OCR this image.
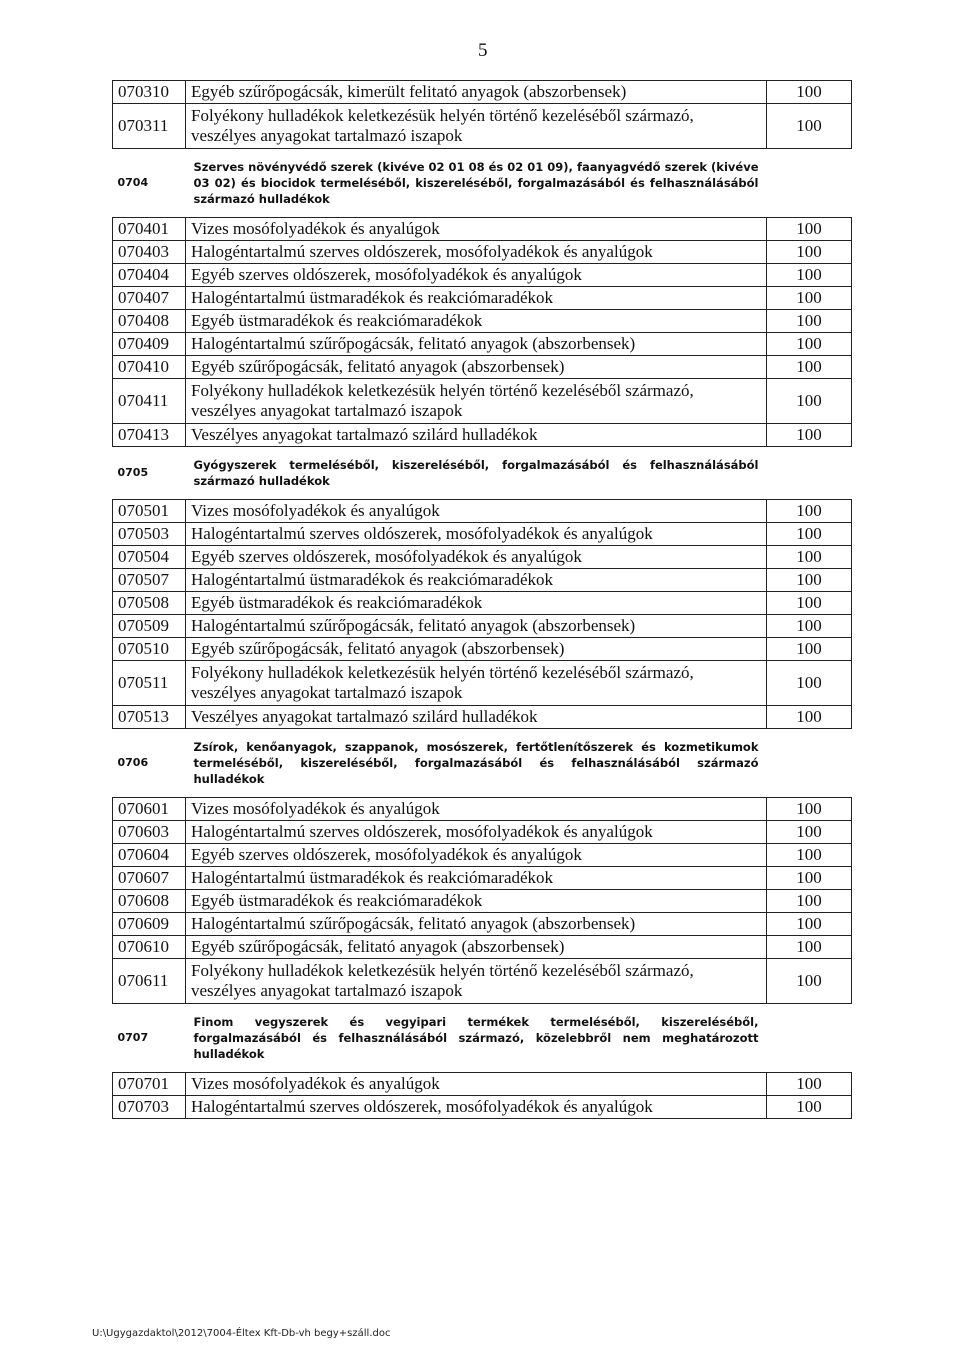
5
070310	Egyéb szűrőpogácsák, kimerült felitató anyagok (abszorbensek)	100
070311	Folyékony hulladékok keletkezésük helyén történő kezeléséből származó, veszélyes anyagokat tartalmazó iszapok	100
0704	Szerves növényvédő szerek (kivéve 02 01 08 és 02 01 09), faanyagvédő szerek (kivéve 03 02) és biocidok termeléséből, kiszereléséből, forgalmazásából és felhasználásából származó hulladékok	
070401	Vizes mosófolyadékok és anyalúgok	100
070403	Halogéntartalmú szerves oldószerek, mosófolyadékok és anyalúgok	100
070404	Egyéb szerves oldószerek, mosófolyadékok és anyalúgok	100
070407	Halogéntartalmú üstmaradékok és reakciómaradékok	100
070408	Egyéb üstmaradékok és reakciómaradékok	100
070409	Halogéntartalmú szűrőpogácsák, felitató anyagok (abszorbensek)	100
070410	Egyéb szűrőpogácsák, felitató anyagok (abszorbensek)	100
070411	Folyékony hulladékok keletkezésük helyén történő kezeléséből származó, veszélyes anyagokat tartalmazó iszapok	100
070413	Veszélyes anyagokat tartalmazó szilárd hulladékok	100
0705	Gyógyszerek termeléséből, kiszereléséből, forgalmazásából és felhasználásából származó hulladékok	
070501	Vizes mosófolyadékok és anyalúgok	100
070503	Halogéntartalmú szerves oldószerek, mosófolyadékok és anyalúgok	100
070504	Egyéb szerves oldószerek, mosófolyadékok és anyalúgok	100
070507	Halogéntartalmú üstmaradékok és reakciómaradékok	100
070508	Egyéb üstmaradékok és reakciómaradékok	100
070509	Halogéntartalmú szűrőpogácsák, felitató anyagok (abszorbensek)	100
070510	Egyéb szűrőpogácsák, felitató anyagok (abszorbensek)	100
070511	Folyékony hulladékok keletkezésük helyén történő kezeléséből származó, veszélyes anyagokat tartalmazó iszapok	100
070513	Veszélyes anyagokat tartalmazó szilárd hulladékok	100
0706	Zsírok, kenőanyagok, szappanok, mosószerek, fertőtlenítőszerek és kozmetikumok termeléséből, kiszereléséből, forgalmazásából és felhasználásából származó hulladékok	
070601	Vizes mosófolyadékok és anyalúgok	100
070603	Halogéntartalmú szerves oldószerek, mosófolyadékok és anyalúgok	100
070604	Egyéb szerves oldószerek, mosófolyadékok és anyalúgok	100
070607	Halogéntartalmú üstmaradékok és reakciómaradékok	100
070608	Egyéb üstmaradékok és reakciómaradékok	100
070609	Halogéntartalmú szűrőpogácsák, felitató anyagok (abszorbensek)	100
070610	Egyéb szűrőpogácsák, felitató anyagok (abszorbensek)	100
070611	Folyékony hulladékok keletkezésük helyén történő kezeléséből származó, veszélyes anyagokat tartalmazó iszapok	100
0707	Finom vegyszerek és vegyipari termékek termeléséből, kiszereléséből, forgalmazásából és felhasználásából származó, közelebbről nem meghatározott hulladékok	
070701	Vizes mosófolyadékok és anyalúgok	100
070703	Halogéntartalmú szerves oldószerek, mosófolyadékok és anyalúgok	100
U:\Ugygazdaktol\2012\7004-Éltex Kft-Db-vh begy+száll.doc
